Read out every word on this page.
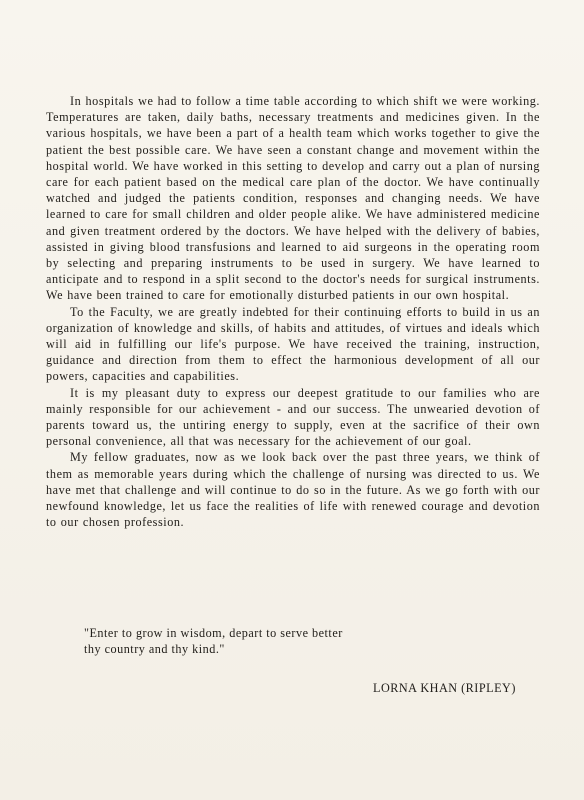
In hospitals we had to follow a time table according to which shift we were working. Temperatures are taken, daily baths, necessary treatments and medicines given. In the various hospitals, we have been a part of a health team which works together to give the patient the best possible care. We have seen a constant change and movement within the hospital world. We have worked in this setting to develop and carry out a plan of nursing care for each patient based on the medical care plan of the doctor. We have continually watched and judged the patients condition, responses and changing needs. We have learned to care for small children and older people alike. We have administered medicine and given treatment ordered by the doctors. We have helped with the delivery of babies, assisted in giving blood transfusions and learned to aid surgeons in the operating room by selecting and preparing instruments to be used in surgery. We have learned to anticipate and to respond in a split second to the doctor's needs for surgical instruments. We have been trained to care for emotionally disturbed patients in our own hospital.

To the Faculty, we are greatly indebted for their continuing efforts to build in us an organization of knowledge and skills, of habits and attitudes, of virtues and ideals which will aid in fulfilling our life's purpose. We have received the training, instruction, guidance and direction from them to effect the harmonious development of all our powers, capacities and capabilities.

It is my pleasant duty to express our deepest gratitude to our families who are mainly responsible for our achievement - and our success. The unwearied devotion of parents toward us, the untiring energy to supply, even at the sacrifice of their own personal convenience, all that was necessary for the achievement of our goal.

My fellow graduates, now as we look back over the past three years, we think of them as memorable years during which the challenge of nursing was directed to us. We have met that challenge and will continue to do so in the future. As we go forth with our newfound knowledge, let us face the realities of life with renewed courage and devotion to our chosen profession.

"Enter to grow in wisdom, depart to serve better
thy country and thy kind."
LORNA KHAN (RIPLEY)
